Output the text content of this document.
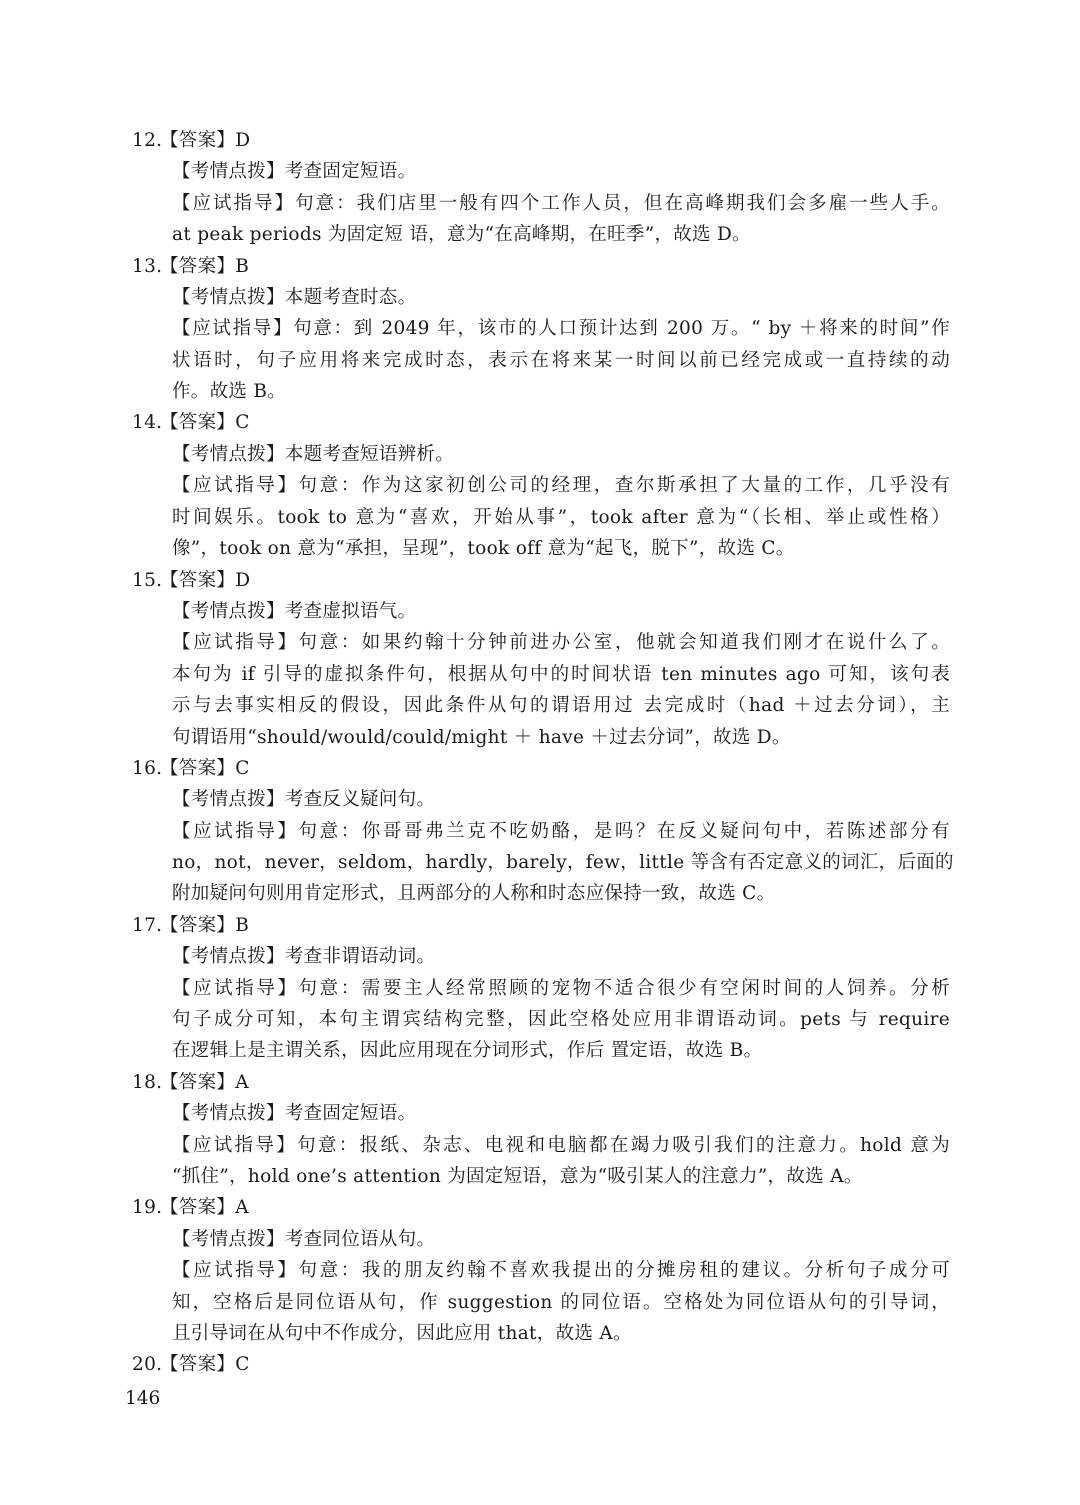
12.
【答案】D
【考情点拨】考查固定短语。
【应试指导】句意：我们店里一般有四个工作人员，但在高峰期我们会多雇一些人手。
at peak periods 为固定短 语，意为“在高峰期，在旺季”，故选 D。
13.
【答案】B
【考情点拨】本题考查时态。
【应试指导】句意：到 2049 年，该市的人口预计达到 200 万。“ by ＋将来的时间”作
状语时，句子应用将来完成时态，表示在将来某一时间以前已经完成或一直持续的动
作。故选 B。
14.
【答案】C
【考情点拨】本题考查短语辨析。
【应试指导】句意：作为这家初创公司的经理，查尔斯承担了大量的工作，几乎没有
时间娱乐。took to 意为“喜欢，开始从事”，took after 意为“（长相、举止或性格）
像”，took on 意为“承担，呈现”，took off 意为“起飞，脱下”，故选 C。
15.
【答案】D
【考情点拨】考查虚拟语气。
【应试指导】句意：如果约翰十分钟前进办公室，他就会知道我们刚才在说什么了。
本句为 if 引导的虚拟条件句，根据从句中的时间状语 ten minutes ago 可知，该句表
示与去事实相反的假设，因此条件从句的谓语用过 去完成时（had ＋过去分词），主
句谓语用“should/would/could/might ＋ have ＋过去分词”，故选 D。
16.
【答案】C
【考情点拨】考查反义疑问句。
【应试指导】句意：你哥哥弗兰克不吃奶酪，是吗？在反义疑问句中，若陈述部分有
no，not，never，seldom，hardly，barely，few，little 等含有否定意义的词汇，后面的
附加疑问句则用肯定形式，且两部分的人称和时态应保持一致，故选 C。
17.
【答案】B
【考情点拨】考查非谓语动词。
【应试指导】句意：需要主人经常照顾的宠物不适合很少有空闲时间的人饲养。分析
句子成分可知，本句主谓宾结构完整，因此空格处应用非谓语动词。pets 与 require
在逻辑上是主谓关系，因此应用现在分词形式，作后 置定语，故选 B。
18.
【答案】A
【考情点拨】考查固定短语。
【应试指导】句意：报纸、杂志、电视和电脑都在竭力吸引我们的注意力。hold 意为
“抓住”，hold one’s attention 为固定短语，意为“吸引某人的注意力”，故选 A。
19.
【答案】A
【考情点拨】考查同位语从句。
【应试指导】句意：我的朋友约翰不喜欢我提出的分摊房租的建议。分析句子成分可
知，空格后是同位语从句，作 suggestion 的同位语。空格处为同位语从句的引导词，
且引导词在从句中不作成分，因此应用 that，故选 A。
20.
【答案】C
146
